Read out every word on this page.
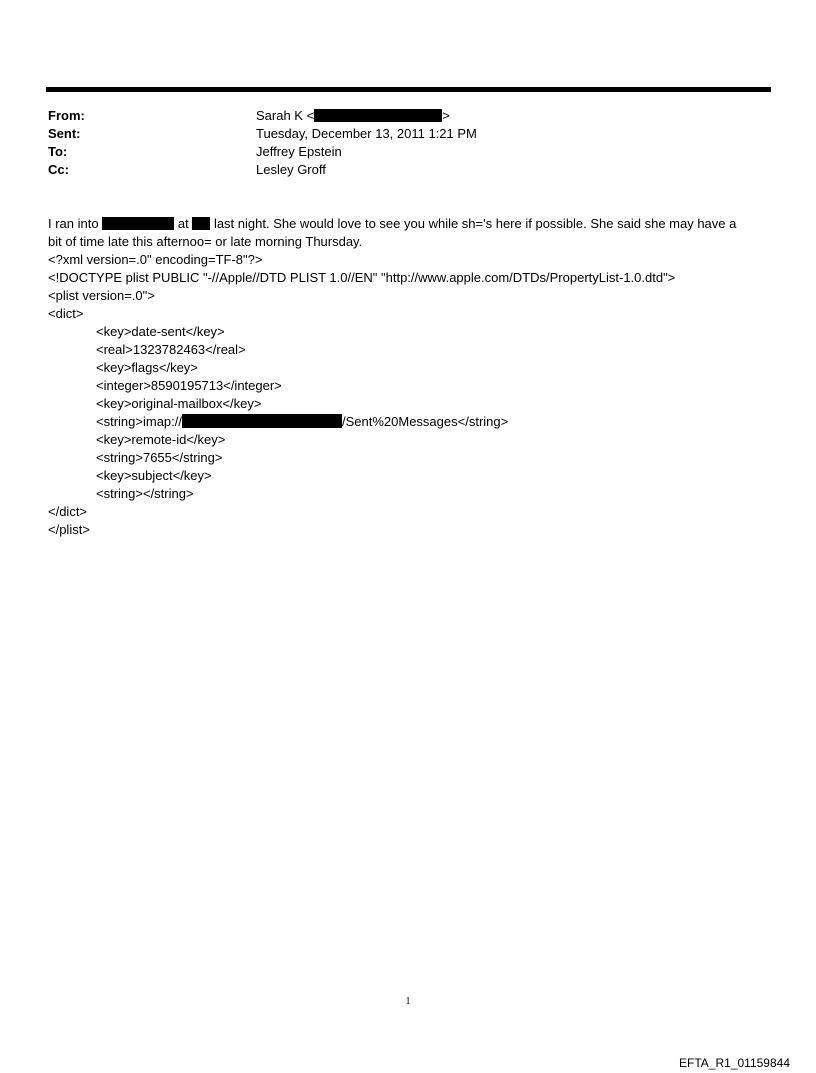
From:	Sarah K <	>
Sent:	Tuesday, December 13, 2011 1:21 PM
To:	Jeffrey Epstein
Cc:	Lesley Groff
I ran into	at last night. She would love to see you while sh='s here if possible. She said she may have a
bit of time late this afternoo= or late morning Thursday.
<?xml version=.0" encoding=TF-8"?>
<!DOCTYPE plist PUBLIC "-//Apple//DTD PLIST 1.0//EN" "http://www.apple.com/DTDs/PropertyList-1.0.dtd">
<plist version=.0">
<dict>
<key>date-sent</key>
<real>1323782463</real>
<key>flags</key>
<integer>8590195713</integer>
<key>original-mailbox</key>
<string>imap://	/Sent%20Messages</string>
<key>remote-id</key>
<string>7655</string>
<key>subject</key>
<string></string>
</dict>
</plist>
1
EFTA_R1_01159844
